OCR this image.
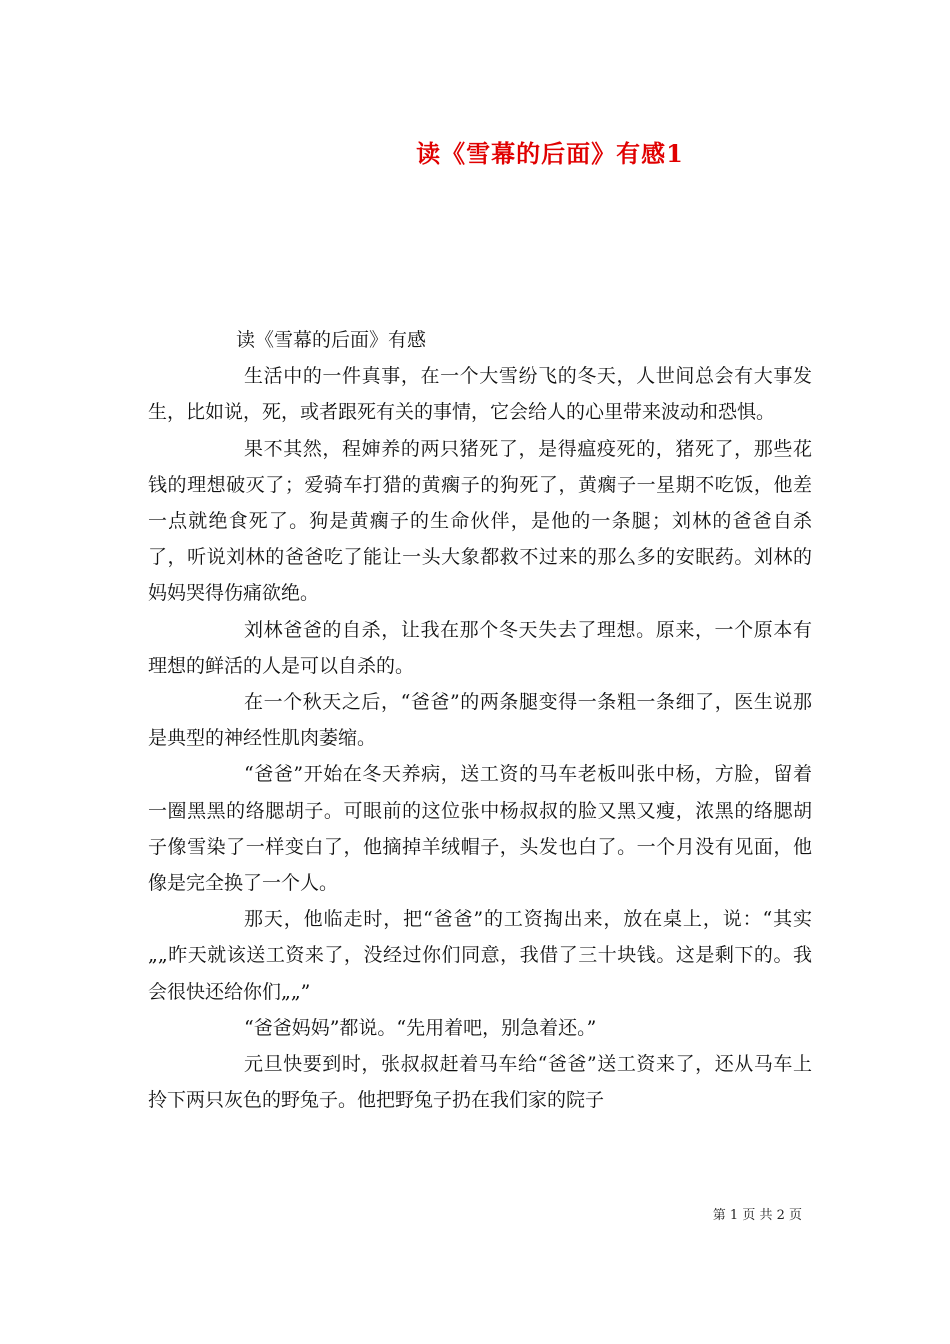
读《雪幕的后面》有感1

读《雪幕的后面》有感

生活中的一件真事，在一个大雪纷飞的冬天，人世间总会有大事发生，比如说，死，或者跟死有关的事情，它会给人的心里带来波动和恐惧。

果不其然，程婶养的两只猪死了，是得瘟疫死的，猪死了，那些花钱的理想破灭了；爱骑车打猎的黄瘸子的狗死了，黄瘸子一星期不吃饭，他差一点就绝食死了。狗是黄瘸子的生命伙伴，是他的一条腿；刘林的爸爸自杀了，听说刘林的爸爸吃了能让一头大象都救不过来的那么多的安眠药。刘林的妈妈哭得伤痛欲绝。

刘林爸爸的自杀，让我在那个冬天失去了理想。原来，一个原本有理想的鲜活的人是可以自杀的。

在一个秋天之后，“爸爸”的两条腿变得一条粗一条细了，医生说那是典型的神经性肌肉萎缩。

“爸爸”开始在冬天养病，送工资的马车老板叫张中杨，方脸，留着一圈黑黑的络腮胡子。可眼前的这位张中杨叔叔的脸又黑又瘦，浓黑的络腮胡子像雪染了一样变白了，他摘掉羊绒帽子，头发也白了。一个月没有见面，他像是完全换了一个人。

那天，他临走时，把“爸爸”的工资掏出来，放在桌上，说：“其实„„昨天就该送工资来了，没经过你们同意，我借了三十块钱。这是剩下的。我会很快还给你们„„”

“爸爸妈妈”都说。“先用着吧，别急着还。”

元旦快要到时，张叔叔赶着马车给“爸爸”送工资来了，还从马车上拎下两只灰色的野兔子。他把野兔子扔在我们家的院子

第 1 页 共 2 页
